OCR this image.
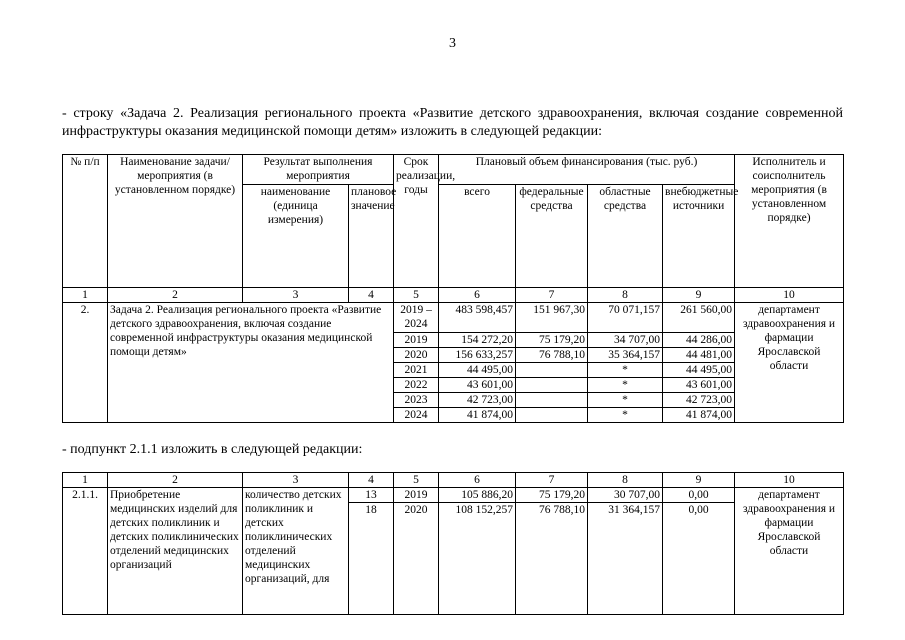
3
- строку «Задача 2. Реализация регионального проекта «Развитие детского здравоохранения, включая создание современной инфраструктуры оказания медицинской помощи детям» изложить в следующей редакции:
№ п/п	Наименование задачи/мероприятия (в установленном порядке)	Результат выполнения мероприятия		Срок реализации, годы	Плановый объем финансирования (тыс. руб.)				Исполнитель и соисполнитель мероприятия (в установленном порядке)
		наименование (единица измерения)	плановое значение		всего	федеральные средства	областные средства	внебюджетные источники	
1	2	3	4	5	6	7	8	9	10
2.	Задача 2. Реализация регионального проекта «Развитие детского здравоохранения, включая создание современной инфраструктуры оказания медицинской помощи детям»			2019 – 2024	483 598,457	151 967,30	70 071,157	261 560,00	департамент здравоохранения и фармации Ярославской области
				2019	154 272,20	75 179,20	34 707,00	44 286,00	
				2020	156 633,257	76 788,10	35 364,157	44 481,00	
				2021	44 495,00		*	44 495,00	
				2022	43 601,00		*	43 601,00	
				2023	42 723,00		*	42 723,00	
				2024	41 874,00		*	41 874,00	
- подпункт 2.1.1 изложить в следующей редакции:
1	2	3	4	5	6	7	8	9	10
2.1.1.	Приобретение медицинских изделий для детских поликлиник и детских поликлинических отделений медицинских организаций	количество детских поликлиник и детских поликлинических отделений медицинских организаций, для	13	2019	105 886,20	75 179,20	30 707,00	0,00	департамент здравоохранения и фармации Ярославской области
			18	2020	108 152,257	76 788,10	31 364,157	0,00	
